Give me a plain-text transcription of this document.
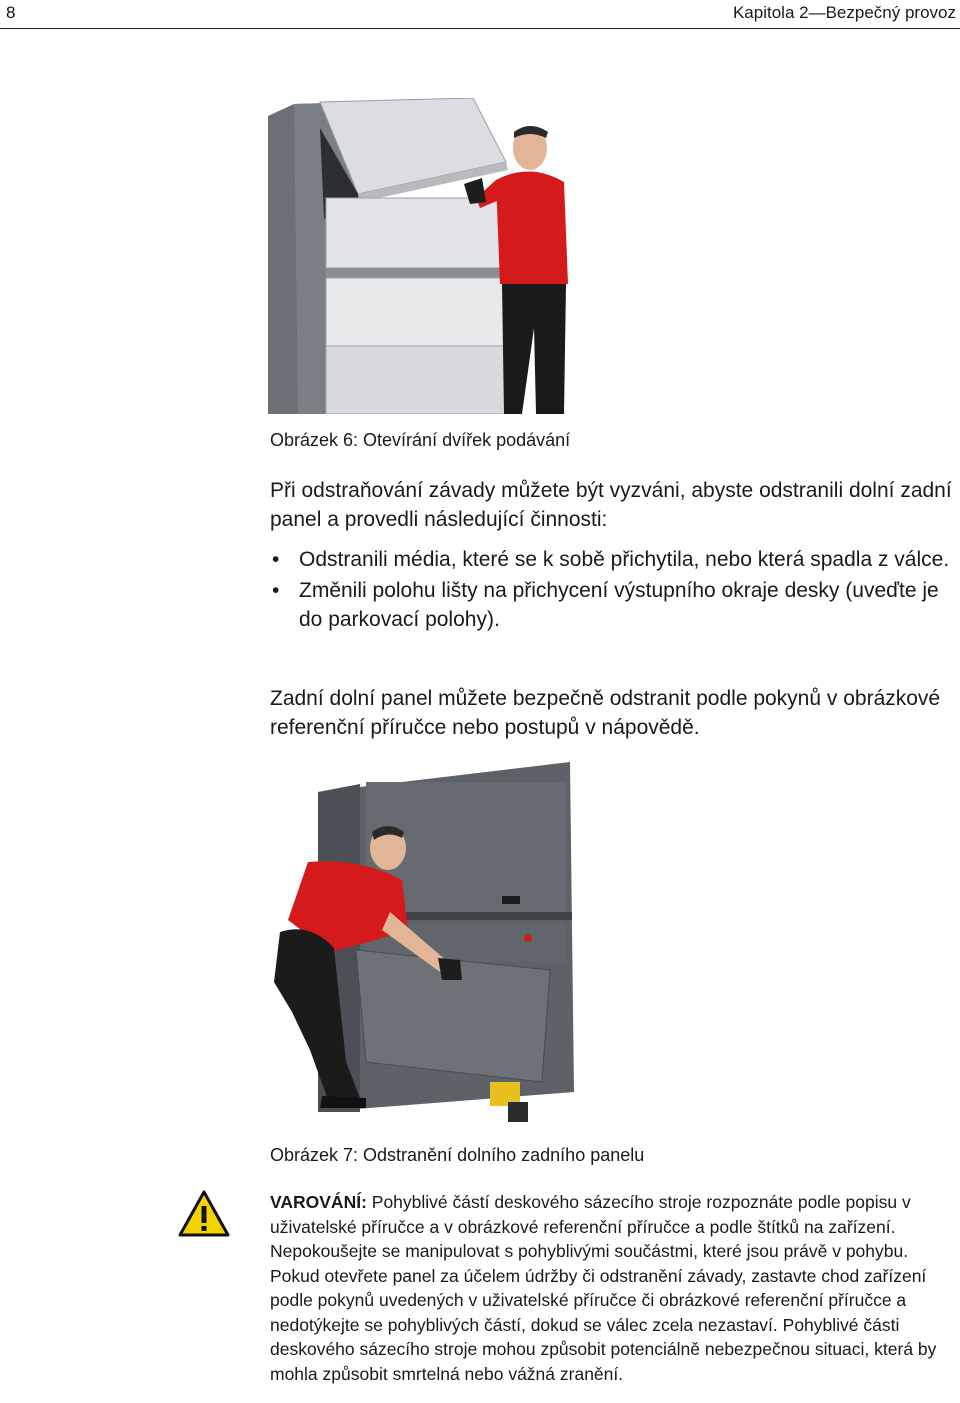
8	Kapitola 2—Bezpečný provoz
Obrázek 6: Otevírání dvířek podávání
Při odstraňování závady můžete být vyzváni, abyste odstranili dolní zadní panel a provedli následující činnosti:
• Odstranili média, které se k sobě přichytila, nebo která spadla z válce.
• Změnili polohu lišty na přichycení výstupního okraje desky (uveďte je do parkovací polohy).
Zadní dolní panel můžete bezpečně odstranit podle pokynů v obrázkové referenční příručce nebo postupů v nápovědě.
Obrázek 7: Odstranění dolního zadního panelu
VAROVÁNÍ: Pohyblivé částí deskového sázecího stroje rozpoznáte podle popisu v uživatelské příručce a v obrázkové referenční příručce a podle štítků na zařízení. Nepokoušejte se manipulovat s pohyblivými součástmi, které jsou právě v pohybu. Pokud otevřete panel za účelem údržby či odstranění závady, zastavte chod zařízení podle pokynů uvedených v uživatelské příručce či obrázkové referenční příručce a nedotýkejte se pohyblivých částí, dokud se válec zcela nezastaví. Pohyblivé části deskového sázecího stroje mohou způsobit potenciálně nebezpečnou situaci, která by mohla způsobit smrtelná nebo vážná zranění.
